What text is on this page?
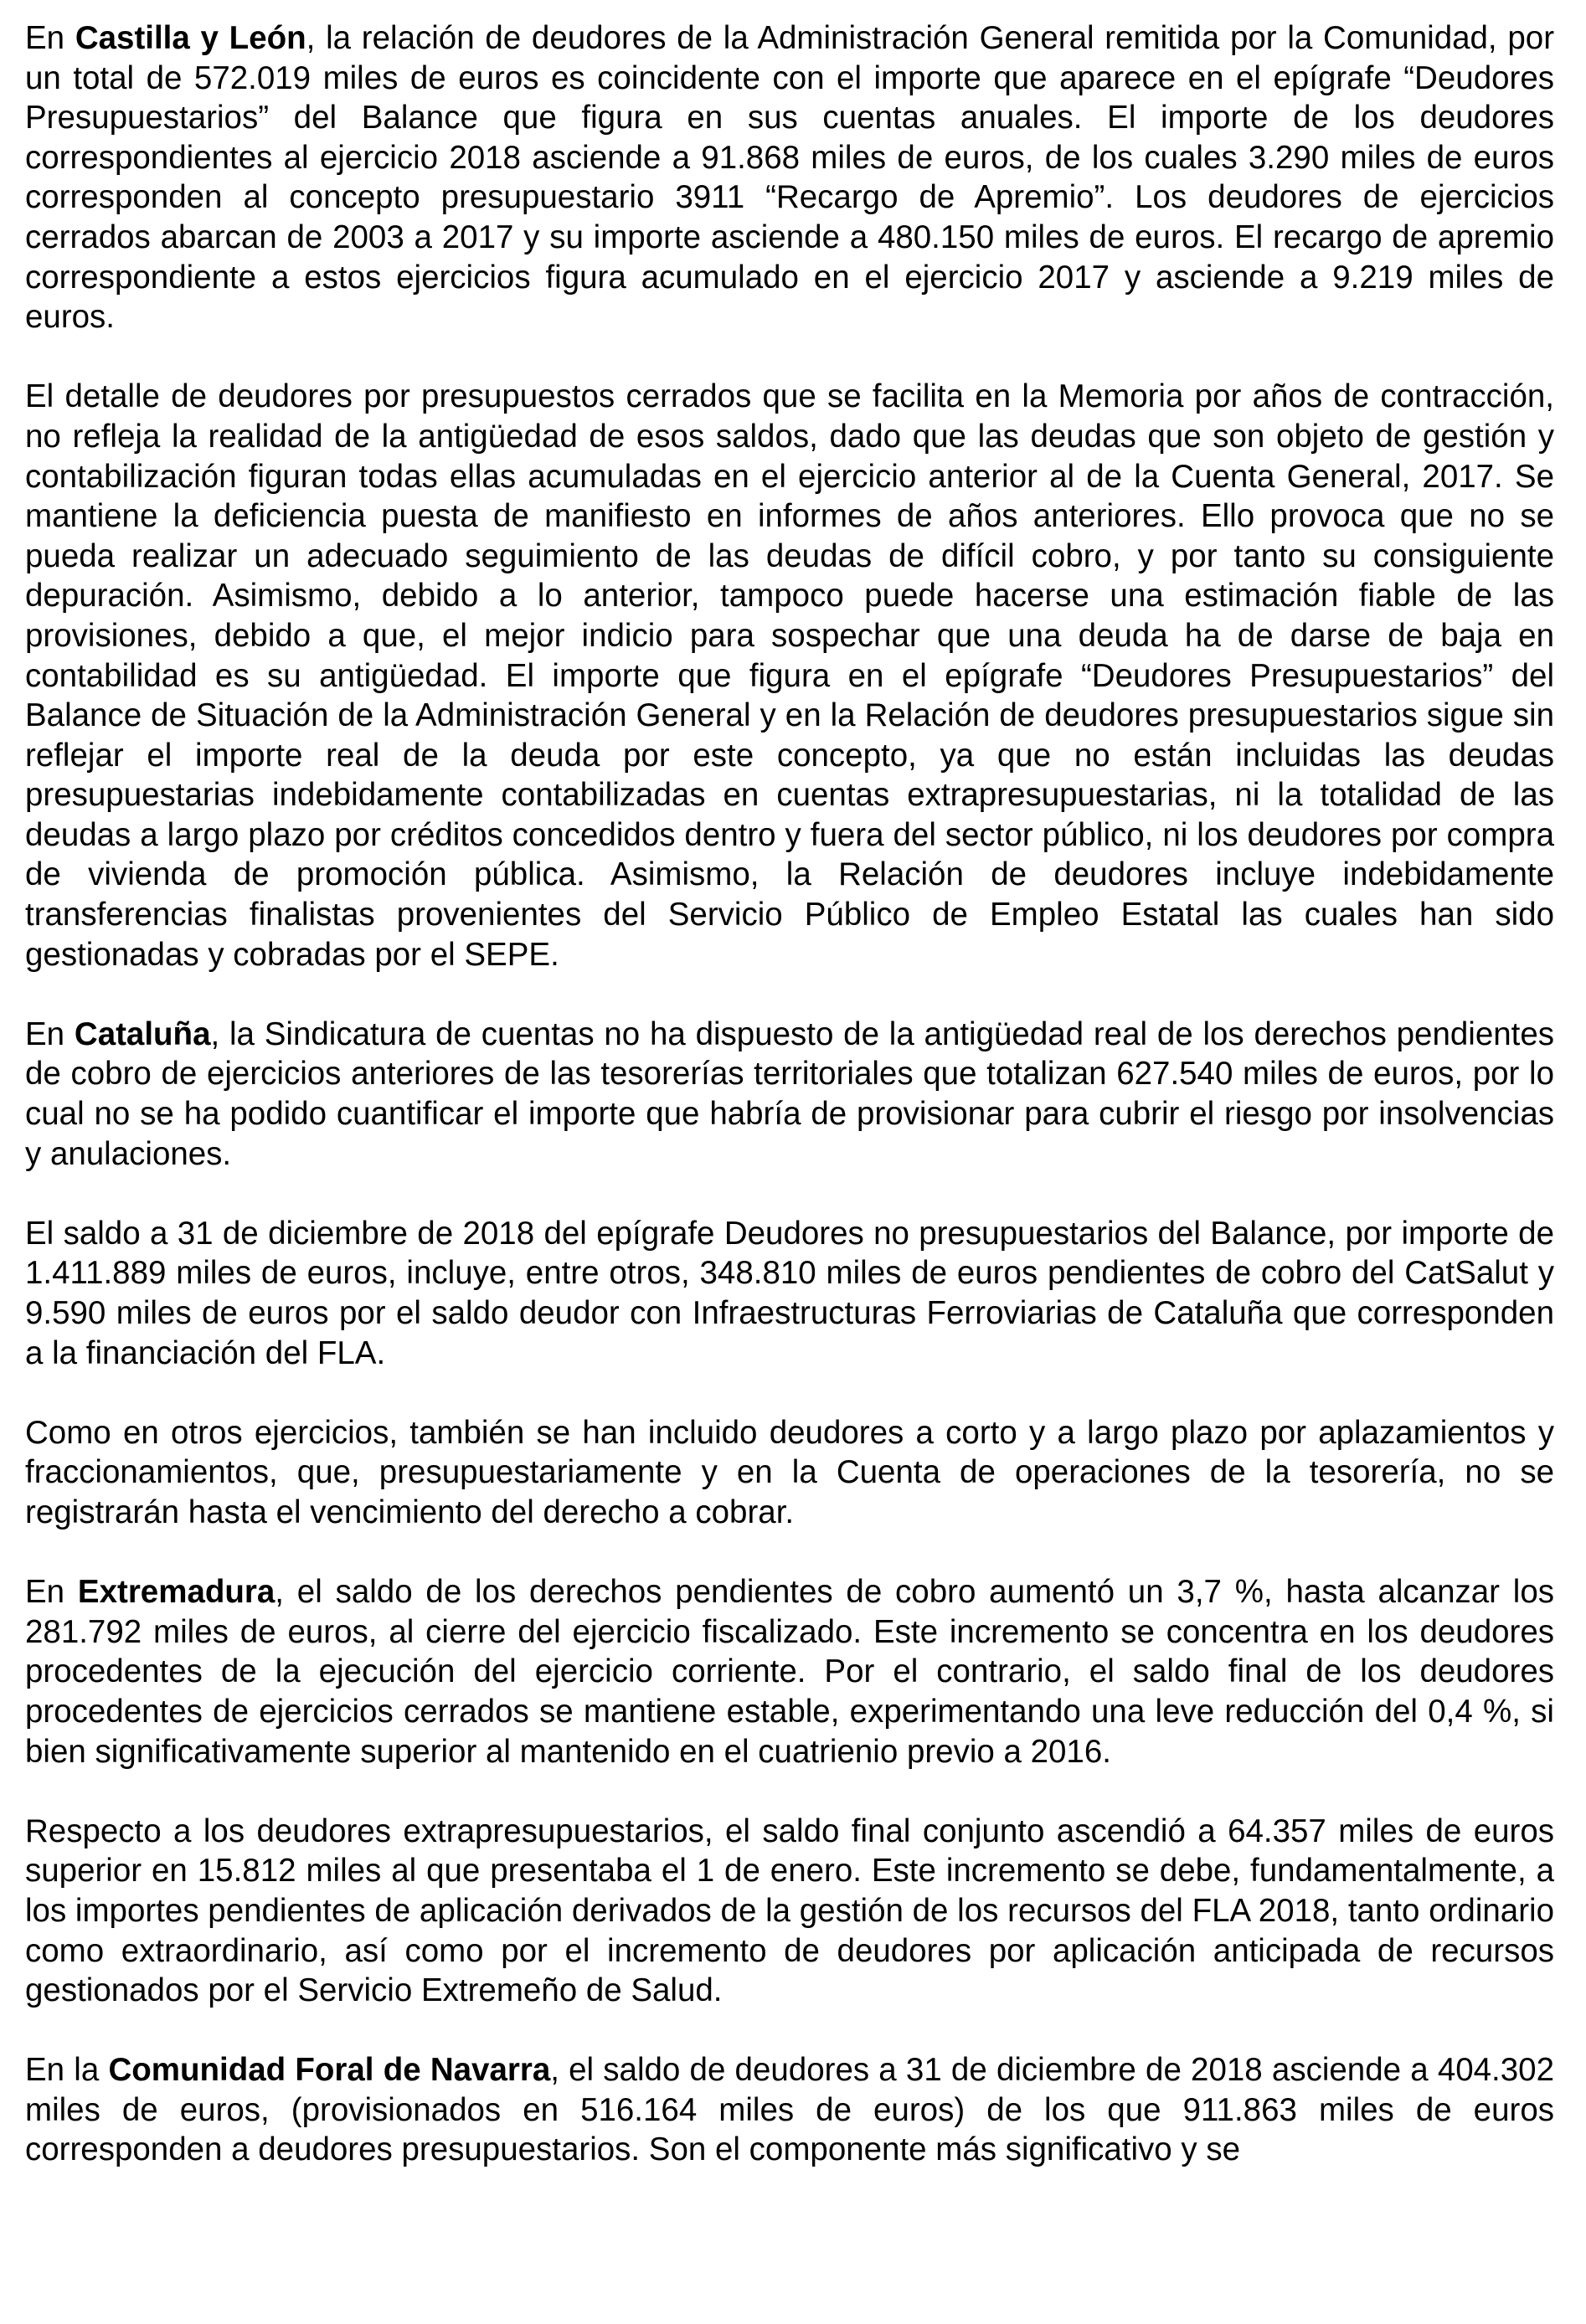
En Castilla y León, la relación de deudores de la Administración General remitida por la Comunidad, por un total de 572.019 miles de euros es coincidente con el importe que aparece en el epígrafe “Deudores Presupuestarios” del Balance que figura en sus cuentas anuales. El importe de los deudores correspondientes al ejercicio 2018 asciende a 91.868 miles de euros, de los cuales 3.290 miles de euros corresponden al concepto presupuestario 3911 “Recargo de Apremio”. Los deudores de ejercicios cerrados abarcan de 2003 a 2017 y su importe asciende a 480.150 miles de euros. El recargo de apremio correspondiente a estos ejercicios figura acumulado en el ejercicio 2017 y asciende a 9.219 miles de euros.

El detalle de deudores por presupuestos cerrados que se facilita en la Memoria por años de contracción, no refleja la realidad de la antigüedad de esos saldos, dado que las deudas que son objeto de gestión y contabilización figuran todas ellas acumuladas en el ejercicio anterior al de la Cuenta General, 2017. Se mantiene la deficiencia puesta de manifiesto en informes de años anteriores. Ello provoca que no se pueda realizar un adecuado seguimiento de las deudas de difícil cobro, y por tanto su consiguiente depuración. Asimismo, debido a lo anterior, tampoco puede hacerse una estimación fiable de las provisiones, debido a que, el mejor indicio para sospechar que una deuda ha de darse de baja en contabilidad es su antigüedad. El importe que figura en el epígrafe “Deudores Presupuestarios” del Balance de Situación de la Administración General y en la Relación de deudores presupuestarios sigue sin reflejar el importe real de la deuda por este concepto, ya que no están incluidas las deudas presupuestarias indebidamente contabilizadas en cuentas extrapresupuestarias, ni la totalidad de las deudas a largo plazo por créditos concedidos dentro y fuera del sector público, ni los deudores por compra de vivienda de promoción pública. Asimismo, la Relación de deudores incluye indebidamente transferencias finalistas provenientes del Servicio Público de Empleo Estatal las cuales han sido gestionadas y cobradas por el SEPE.

En Cataluña, la Sindicatura de cuentas no ha dispuesto de la antigüedad real de los derechos pendientes de cobro de ejercicios anteriores de las tesorerías territoriales que totalizan 627.540 miles de euros, por lo cual no se ha podido cuantificar el importe que habría de provisionar para cubrir el riesgo por insolvencias y anulaciones.

El saldo a 31 de diciembre de 2018 del epígrafe Deudores no presupuestarios del Balance, por importe de 1.411.889 miles de euros, incluye, entre otros, 348.810 miles de euros pendientes de cobro del CatSalut y 9.590 miles de euros por el saldo deudor con Infraestructuras Ferroviarias de Cataluña que corresponden a la financiación del FLA.

Como en otros ejercicios, también se han incluido deudores a corto y a largo plazo por aplazamientos y fraccionamientos, que, presupuestariamente y en la Cuenta de operaciones de la tesorería, no se registrarán hasta el vencimiento del derecho a cobrar.

En Extremadura, el saldo de los derechos pendientes de cobro aumentó un 3,7 %, hasta alcanzar los 281.792 miles de euros, al cierre del ejercicio fiscalizado. Este incremento se concentra en los deudores procedentes de la ejecución del ejercicio corriente. Por el contrario, el saldo final de los deudores procedentes de ejercicios cerrados se mantiene estable, experimentando una leve reducción del 0,4 %, si bien significativamente superior al mantenido en el cuatrienio previo a 2016.

Respecto a los deudores extrapresupuestarios, el saldo final conjunto ascendió a 64.357 miles de euros superior en 15.812 miles al que presentaba el 1 de enero. Este incremento se debe, fundamentalmente, a los importes pendientes de aplicación derivados de la gestión de los recursos del FLA 2018, tanto ordinario como extraordinario, así como por el incremento de deudores por aplicación anticipada de recursos gestionados por el Servicio Extremeño de Salud.

En la Comunidad Foral de Navarra, el saldo de deudores a 31 de diciembre de 2018 asciende a 404.302 miles de euros, (provisionados en 516.164 miles de euros) de los que 911.863 miles de euros corresponden a deudores presupuestarios. Son el componente más significativo y se
